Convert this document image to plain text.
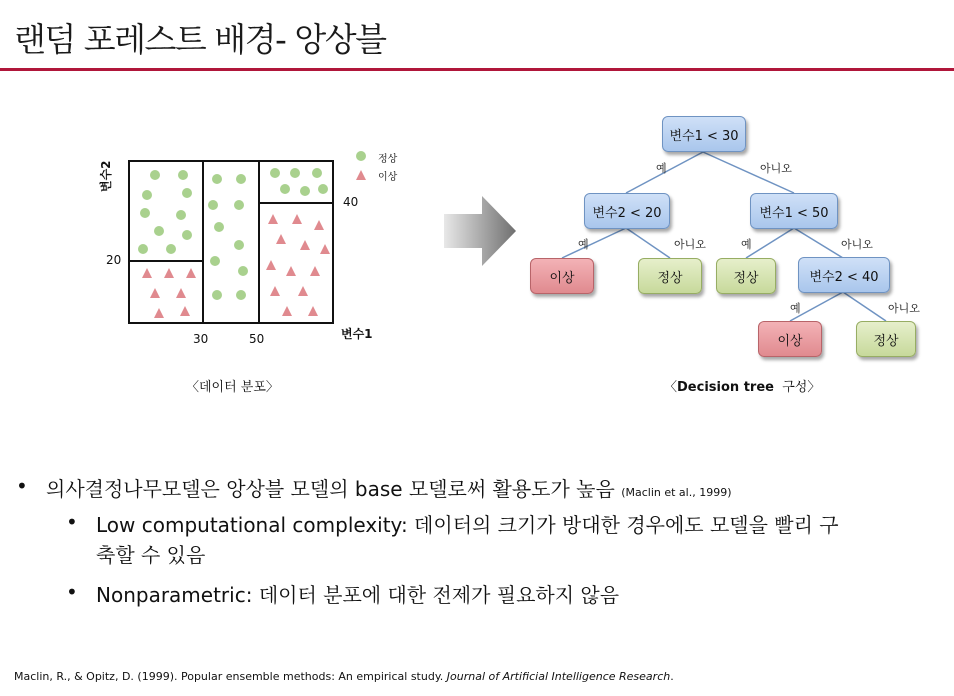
랜덤 포레스트 배경- 앙상블
변수2
20
40
30	50	변수1
정상
이상
〈데이터 분포〉
변수1 < 30
변수2 < 20	변수1 < 50
이상	정상	정상	변수2 < 40
이상	정상
예	아니오
예	아니오	예	아니오
예	아니오
〈Decision tree 구성〉
• 의사결정나무모델은 앙상블 모델의 base 모델로써 활용도가 높음 (Maclin et al., 1999)
• Low computational complexity: 데이터의 크기가 방대한 경우에도 모델을 빨리 구
축할 수 있음
• Nonparametric: 데이터 분포에 대한 전제가 필요하지 않음
Maclin, R., & Opitz, D. (1999). Popular ensemble methods: An empirical study. Journal of Artificial Intelligence Research.
